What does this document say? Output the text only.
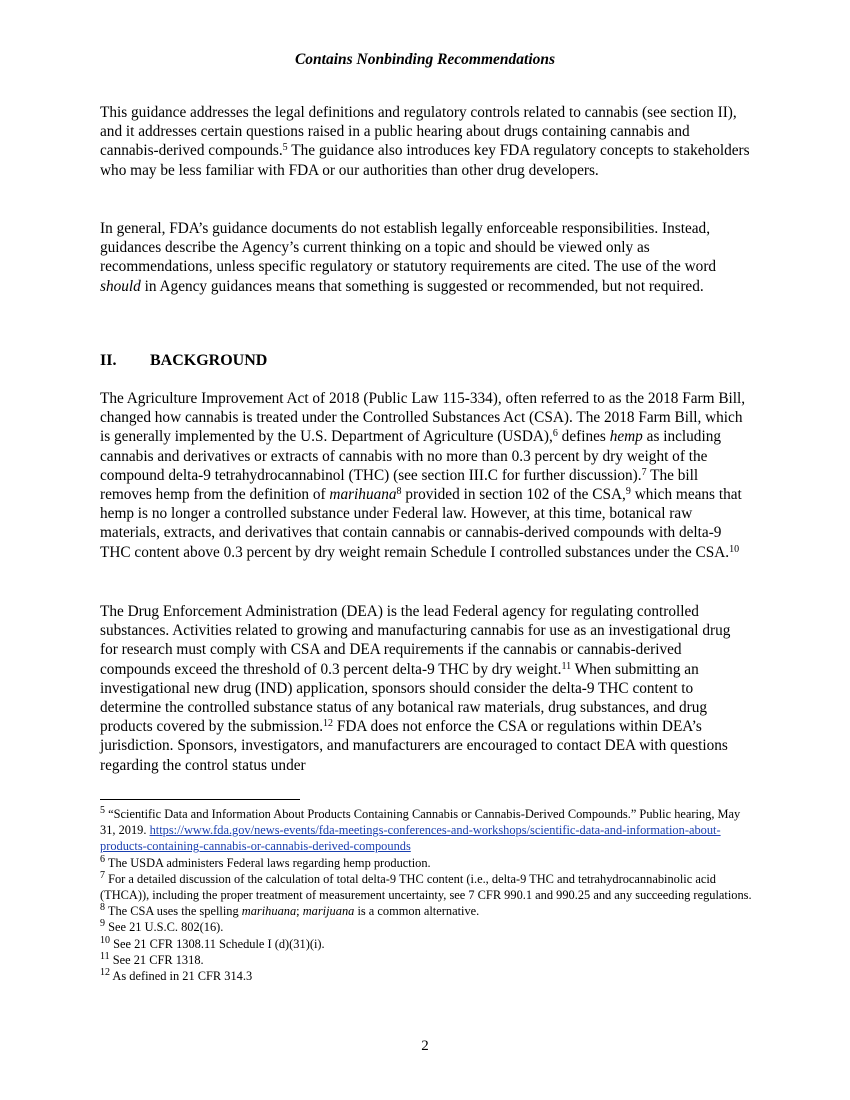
Contains Nonbinding Recommendations

This guidance addresses the legal definitions and regulatory controls related to cannabis (see section II), and it addresses certain questions raised in a public hearing about drugs containing cannabis and cannabis-derived compounds.$^5$ The guidance also introduces key FDA regulatory concepts to stakeholders who may be less familiar with FDA or our authorities than other drug developers.

In general, FDA’s guidance documents do not establish legally enforceable responsibilities. Instead, guidances describe the Agency’s current thinking on a topic and should be viewed only as recommendations, unless specific regulatory or statutory requirements are cited. The use of the word should in Agency guidances means that something is suggested or recommended, but not required.

II. BACKGROUND

The Agriculture Improvement Act of 2018 (Public Law 115-334), often referred to as the 2018 Farm Bill, changed how cannabis is treated under the Controlled Substances Act (CSA). The 2018 Farm Bill, which is generally implemented by the U.S. Department of Agriculture (USDA),$^6$ defines hemp as including cannabis and derivatives or extracts of cannabis with no more than 0.3 percent by dry weight of the compound delta-9 tetrahydrocannabinol (THC) (see section III.C for further discussion).$^7$ The bill removes hemp from the definition of marihuana$^8$ provided in section 102 of the CSA,$^9$ which means that hemp is no longer a controlled substance under Federal law. However, at this time, botanical raw materials, extracts, and derivatives that contain cannabis or cannabis-derived compounds with delta-9 THC content above 0.3 percent by dry weight remain Schedule I controlled substances under the CSA.$^{10}$

The Drug Enforcement Administration (DEA) is the lead Federal agency for regulating controlled substances. Activities related to growing and manufacturing cannabis for use as an investigational drug for research must comply with CSA and DEA requirements if the cannabis or cannabis-derived compounds exceed the threshold of 0.3 percent delta-9 THC by dry weight.$^{11}$ When submitting an investigational new drug (IND) application, sponsors should consider the delta-9 THC content to determine the controlled substance status of any botanical raw materials, drug substances, and drug products covered by the submission.$^{12}$ FDA does not enforce the CSA or regulations within DEA’s jurisdiction. Sponsors, investigators, and manufacturers are encouraged to contact DEA with questions regarding the control status under

$^5$ “Scientific Data and Information About Products Containing Cannabis or Cannabis-Derived Compounds.” Public hearing, May 31, 2019. https://www.fda.gov/news-events/fda-meetings-conferences-and-workshops/scientific-data-and-information-about-products-containing-cannabis-or-cannabis-derived-compounds

$^6$ The USDA administers Federal laws regarding hemp production.

$^7$ For a detailed discussion of the calculation of total delta-9 THC content (i.e., delta-9 THC and tetrahydrocannabinolic acid (THCA)), including the proper treatment of measurement uncertainty, see 7 CFR 990.1 and 990.25 and any succeeding regulations.

$^8$ The CSA uses the spelling marihuana; marijuana is a common alternative.

$^9$ See 21 U.S.C. 802(16).

$^{10}$ See 21 CFR 1308.11 Schedule I (d)(31)(i).

$^{11}$ See 21 CFR 1318.

$^{12}$ As defined in 21 CFR 314.3

2
